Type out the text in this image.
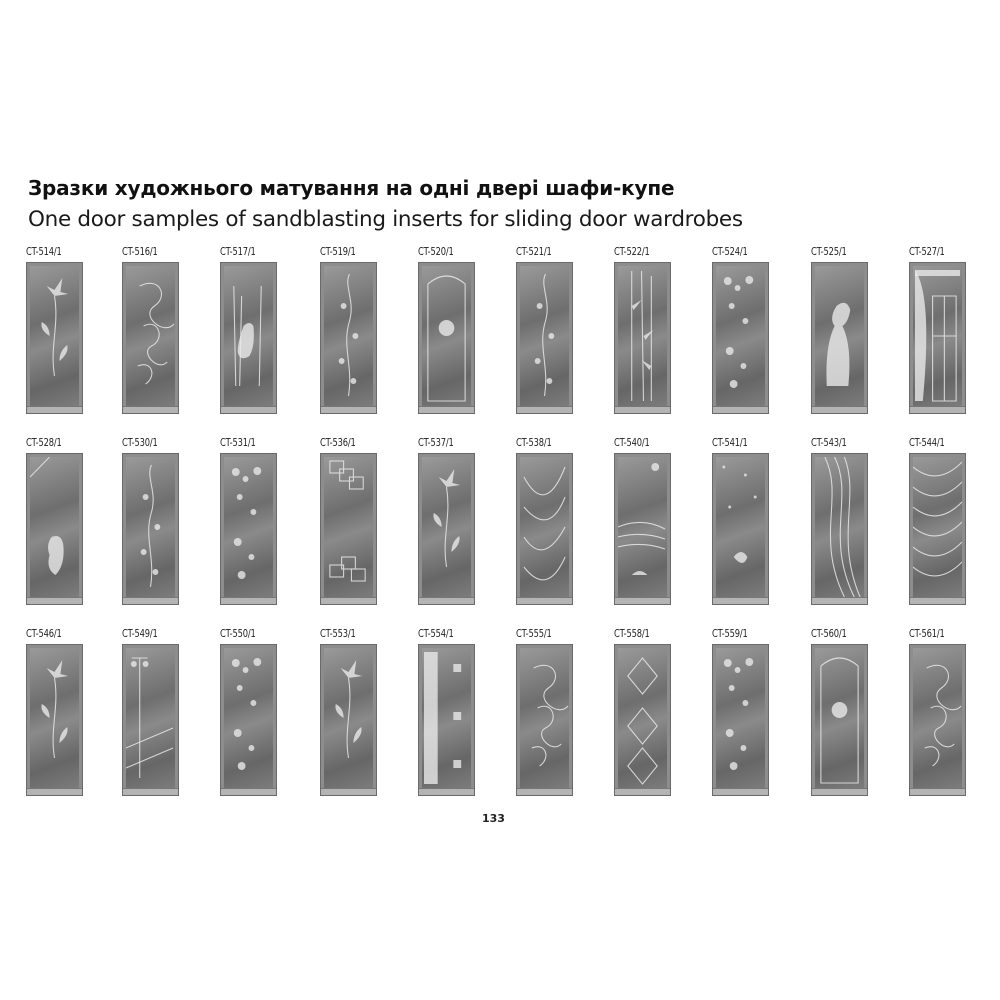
Зразки художнього матування на одні двері шафи-купе
One door samples of sandblasting inserts for sliding door wardrobes
CT-514/1	CT-516/1	CT-517/1	CT-519/1	CT-520/1	CT-521/1	CT-522/1	CT-524/1	CT-525/1	CT-527/1
CT-528/1	CT-530/1	CT-531/1	CT-536/1	CT-537/1	CT-538/1	CT-540/1	CT-541/1	CT-543/1	CT-544/1
CT-546/1	CT-549/1	CT-550/1	CT-553/1	CT-554/1	CT-555/1	CT-558/1	CT-559/1	CT-560/1	CT-561/1
133
